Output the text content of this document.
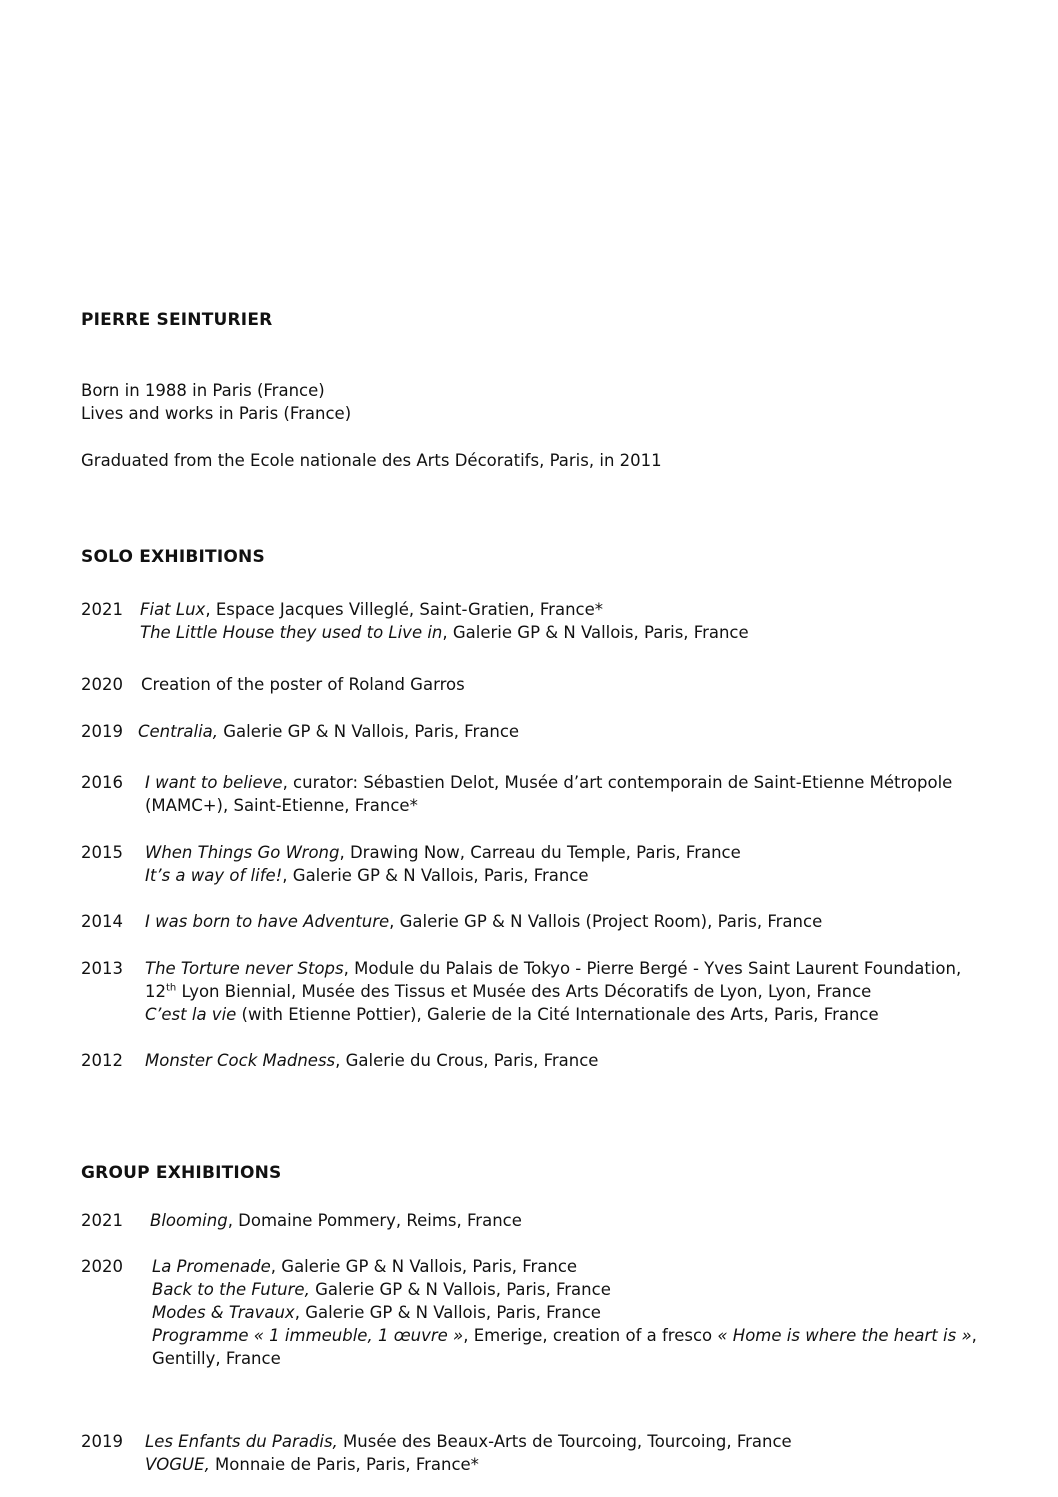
PIERRE SEINTURIER
Born in 1988 in Paris (France)
Lives and works in Paris (France)
Graduated from the Ecole nationale des Arts Décoratifs, Paris, in 2011
SOLO EXHIBITIONS
2021 Fiat Lux, Espace Jacques Villeglé, Saint-Gratien, France*
The Little House they used to Live in, Galerie GP & N Vallois, Paris, France
2020 Creation of the poster of Roland Garros
2019 Centralia, Galerie GP & N Vallois, Paris, France
2016 I want to believe, curator: Sébastien Delot, Musée d’art contemporain de Saint-Etienne Métropole
(MAMC+), Saint-Etienne, France*
2015 When Things Go Wrong, Drawing Now, Carreau du Temple, Paris, France
It’s a way of life!, Galerie GP & N Vallois, Paris, France
2014 I was born to have Adventure, Galerie GP & N Vallois (Project Room), Paris, France
2013 The Torture never Stops, Module du Palais de Tokyo - Pierre Bergé - Yves Saint Laurent Foundation,
12th Lyon Biennial, Musée des Tissus et Musée des Arts Décoratifs de Lyon, Lyon, France
C’est la vie (with Etienne Pottier), Galerie de la Cité Internationale des Arts, Paris, France
2012 Monster Cock Madness, Galerie du Crous, Paris, France
GROUP EXHIBITIONS
2021 Blooming, Domaine Pommery, Reims, France
2020 La Promenade, Galerie GP & N Vallois, Paris, France
Back to the Future, Galerie GP & N Vallois, Paris, France
Modes & Travaux, Galerie GP & N Vallois, Paris, France
Programme « 1 immeuble, 1 œuvre », Emerige, creation of a fresco « Home is where the heart is »,
Gentilly, France
2019 Les Enfants du Paradis, Musée des Beaux-Arts de Tourcoing, Tourcoing, France
VOGUE, Monnaie de Paris, Paris, France*
